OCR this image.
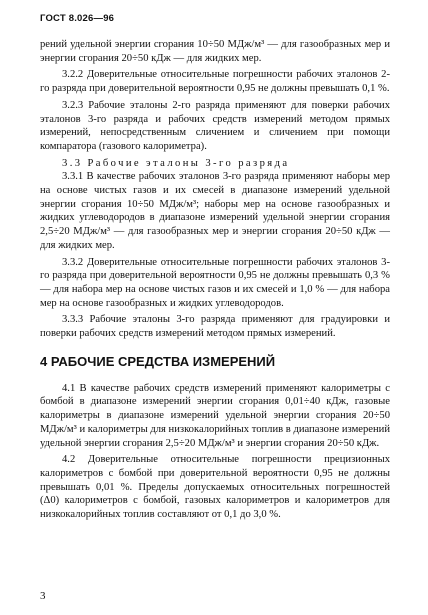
ГОСТ 8.026—96

рений удельной энергии сгорания 10÷50 МДж/м³ — для газообразных мер и энергии сгорания 20÷50 кДж — для жидких мер.

3.2.2 Доверительные относительные погрешности рабочих эталонов 2-го разряда при доверительной вероятности 0,95 не должны превышать 0,1 %.

3.2.3 Рабочие эталоны 2-го разряда применяют для поверки рабочих эталонов 3-го разряда и рабочих средств измерений методом прямых измерений, непосредственным сличением и сличением при помощи компаратора (газового калориметра).

3.3 Рабочие эталоны 3-го разряда

3.3.1 В качестве рабочих эталонов 3-го разряда применяют наборы мер на основе чистых газов и их смесей в диапазоне измерений удельной энергии сгорания 10÷50 МДж/м³; наборы мер на основе газообразных и жидких углеводородов в диапазоне измерений удельной энергии сгорания 2,5÷20 МДж/м³ — для газообразных мер и энергии сгорания 20÷50 кДж — для жидких мер.

3.3.2 Доверительные относительные погрешности рабочих эталонов 3-го разряда при доверительной вероятности 0,95 не должны превышать 0,3 % — для набора мер на основе чистых газов и их смесей и 1,0 % — для набора мер на основе газообразных и жидких углеводородов.

3.3.3 Рабочие эталоны 3-го разряда применяют для градуировки и поверки рабочих средств измерений методом прямых измерений.

4 РАБОЧИЕ СРЕДСТВА ИЗМЕРЕНИЙ

4.1 В качестве рабочих средств измерений применяют калориметры с бомбой в диапазоне измерений энергии сгорания 0,01÷40 кДж, газовые калориметры в диапазоне измерений удельной энергии сгорания 20÷50 МДж/м³ и калориметры для низкокалорийных топлив в диапазоне измерений удельной энергии сгорания 2,5÷20 МДж/м³ и энергии сгорания 20÷50 кДж.

4.2 Доверительные относительные погрешности прецизионных калориметров с бомбой при доверительной вероятности 0,95 не должны превышать 0,01 %. Пределы допускаемых относительных погрешностей (Δ0) калориметров с бомбой, газовых калориметров и калориметров для низкокалорийных топлив составляют от 0,1 до 3,0 %.

3
